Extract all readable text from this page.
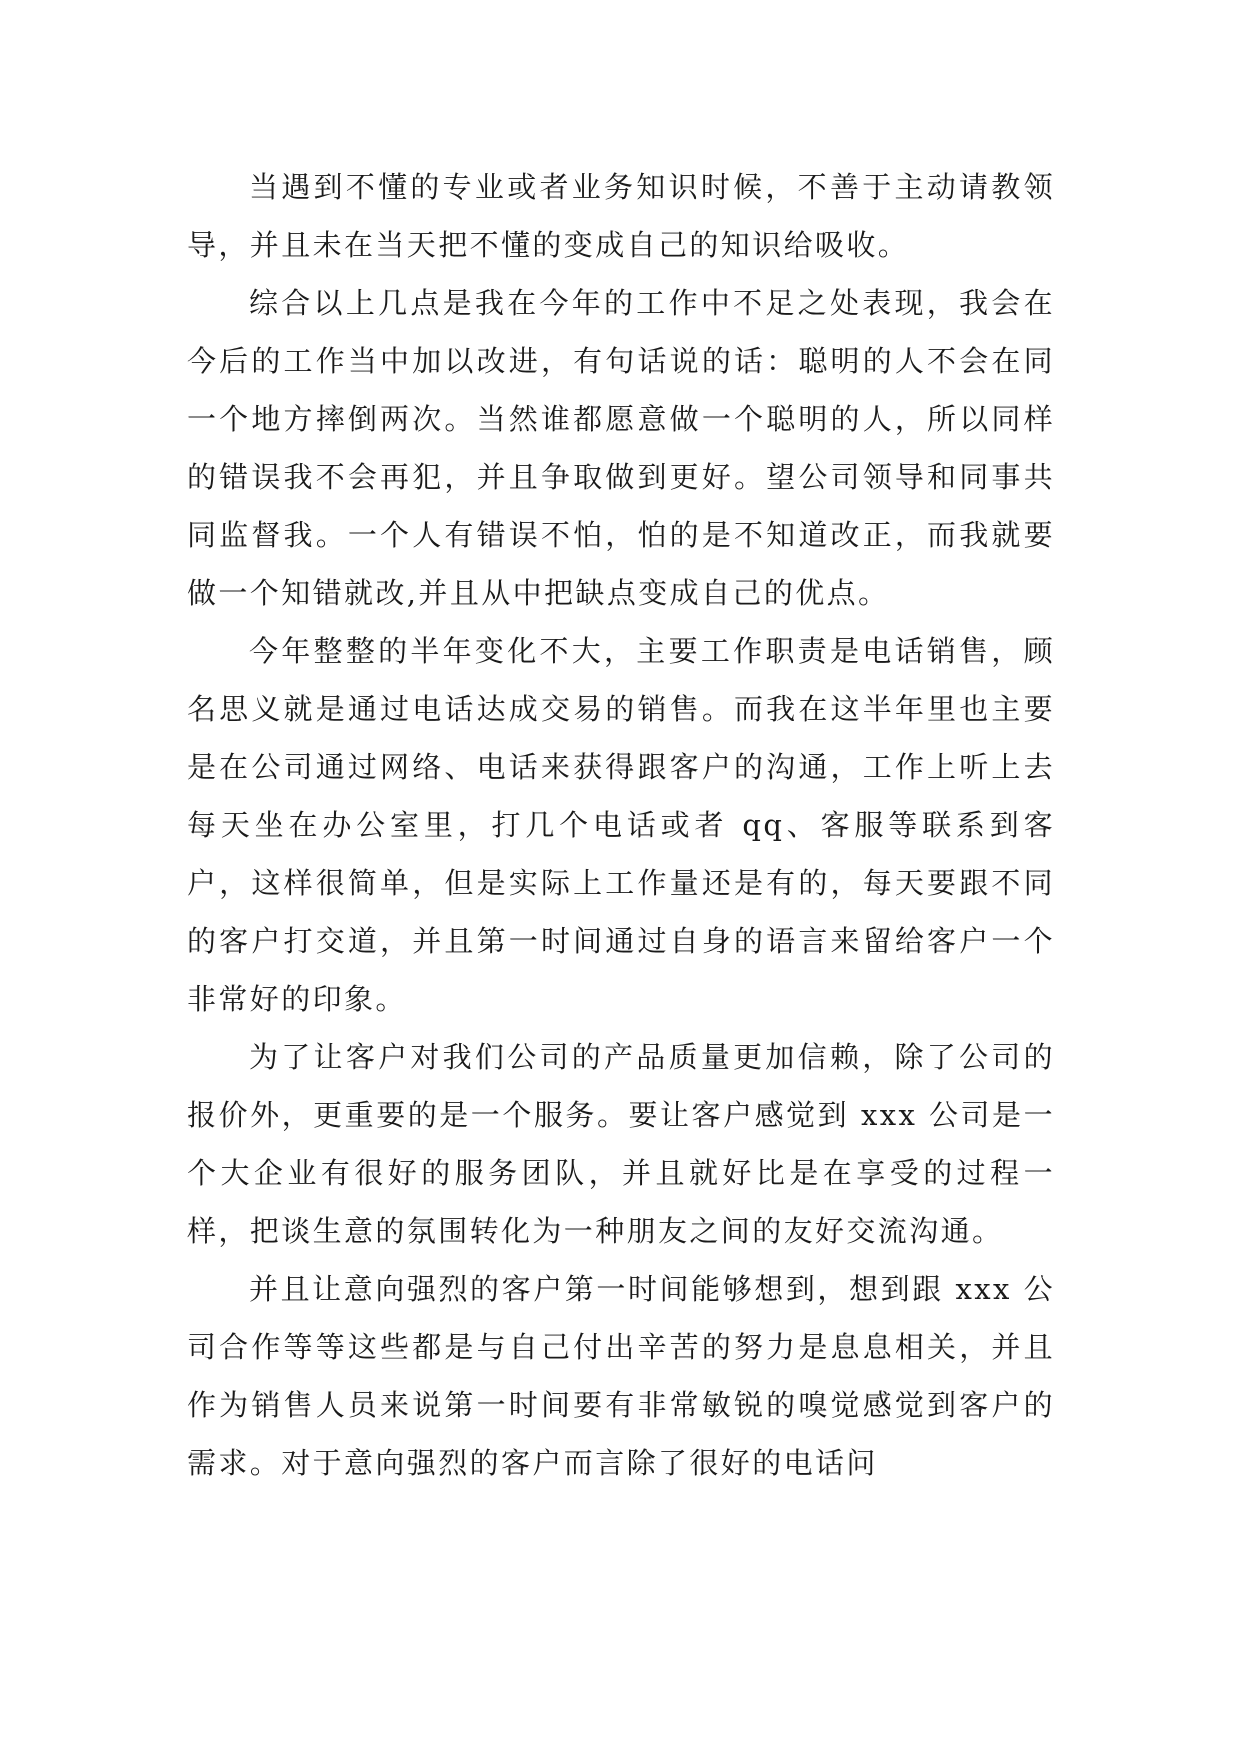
当遇到不懂的专业或者业务知识时候，不善于主动请教领导，并且未在当天把不懂的变成自己的知识给吸收。

综合以上几点是我在今年的工作中不足之处表现，我会在今后的工作当中加以改进，有句话说的话：聪明的人不会在同一个地方摔倒两次。当然谁都愿意做一个聪明的人，所以同样的错误我不会再犯，并且争取做到更好。望公司领导和同事共同监督我。一个人有错误不怕，怕的是不知道改正，而我就要做一个知错就改,并且从中把缺点变成自己的优点。

今年整整的半年变化不大，主要工作职责是电话销售，顾名思义就是通过电话达成交易的销售。而我在这半年里也主要是在公司通过网络、电话来获得跟客户的沟通，工作上听上去每天坐在办公室里，打几个电话或者 qq、客服等联系到客户，这样很简单，但是实际上工作量还是有的，每天要跟不同的客户打交道，并且第一时间通过自身的语言来留给客户一个非常好的印象。

为了让客户对我们公司的产品质量更加信赖，除了公司的报价外，更重要的是一个服务。要让客户感觉到 xxx 公司是一个大企业有很好的服务团队，并且就好比是在享受的过程一样，把谈生意的氛围转化为一种朋友之间的友好交流沟通。

并且让意向强烈的客户第一时间能够想到，想到跟 xxx 公司合作等等这些都是与自己付出辛苦的努力是息息相关，并且作为销售人员来说第一时间要有非常敏锐的嗅觉感觉到客户的需求。对于意向强烈的客户而言除了很好的电话问
